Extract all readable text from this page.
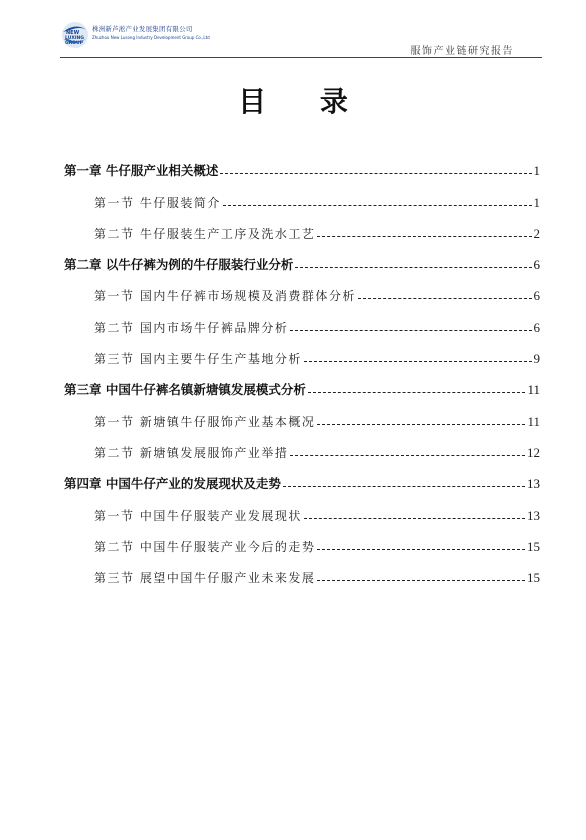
NEW
LUXING
GROUP
株洲新芦淞产业发展集团有限公司
Zhuzhou New Lusong Industry Development Group Co.,Ltd
服饰产业链研究报告
目 录
第一章 牛仔服产业相关概述	1
第一节 牛仔服装简介	1
第二节 牛仔服装生产工序及洗水工艺	2
第二章 以牛仔裤为例的牛仔服装行业分析	6
第一节 国内牛仔裤市场规模及消费群体分析	6
第二节 国内市场牛仔裤品牌分析	6
第三节 国内主要牛仔生产基地分析	9
第三章 中国牛仔裤名镇新塘镇发展模式分析	11
第一节 新塘镇牛仔服饰产业基本概况	11
第二节 新塘镇发展服饰产业举措	12
第四章 中国牛仔产业的发展现状及走势	13
第一节 中国牛仔服装产业发展现状	13
第二节 中国牛仔服装产业今后的走势	15
第三节 展望中国牛仔服产业未来发展	15
